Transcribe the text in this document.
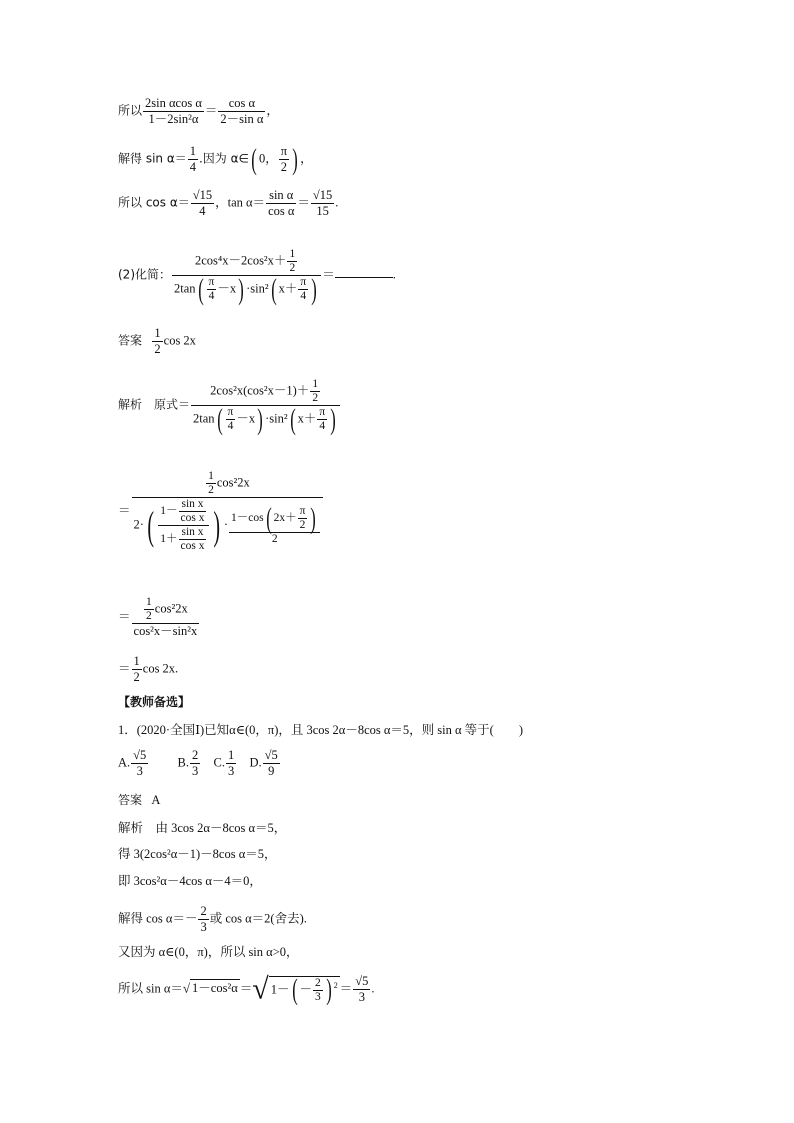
所以 $\frac{\text{2sin αcos α}}{\text{1－2sin²α}} = \frac{\text{cos α}}{\text{2－sin α}}$ ，
解得 $\sin \alpha= \frac{1}{4}$ .因为 α∈( 0， $\frac{\pi}{2}$ ) ，
所以 $\cos \alpha= \frac{√15}{4}$ ，$\tan \alpha= \frac{\text{sin α}}{\text{cos α}} = \frac{√15}{15}$ .
(2)化简： $\frac{2\cos^4x-2\cos^2x+ \frac{1}{2}}{2\tan( \frac{\pi}{4} -x) \cdot\sin^2( x+ \frac{\pi}{4} )}$ ＝	.
答案 $\frac{1}{2}$ cos 2x
解析　原式＝ $\frac{2\cos^2x(\cos^2x-1)+ \frac{1}{2}}{2\tan( \frac{\pi}{4} -x) \cdot\sin^2( x+ \frac{\pi}{4} )}$
＝ $\frac{\frac{1}{2} \cos^22x}{2\cdot( \frac{1- \frac{\text{sin x}}{\text{cos x}}}{1+ \frac{\text{sin x}}{\text{cos x}}} ) \cdot \frac{1-\cos( 2x+ \frac{\pi}{2} )}{2}}$
＝ $\frac{\frac{1}{2} \cos^22x}{\text{cos²x－sin²x}}$
＝ $\frac{1}{2}$ cos 2x.
【教师备选】
1．(2020·全国Ⅰ)已知α∈(0，π)，且 3cos 2α－8cos α＝5，则 sin α 等于(　　)
A. $\frac{√5}{3} B$. $\frac{2}{3} C$. $\frac{1}{3} D$. $\frac{√5}{9}$
答案 A
解析　由 3cos 2α－8cos α＝5，
得 3(2cos²α－1)－8cos α＝5，
即 3cos²α－4cos α－4＝0，
解得 $\cos \alpha=- \frac{2}{3}$ 或 cos α＝2(舍去).
又因为 α∈(0，π)，所以 sin α>0，
所以 sin α＝√ 1－cos²α ＝√ $1-( - \frac{2}{3}$ ) $^2 = \frac{√5}{3}$ .
